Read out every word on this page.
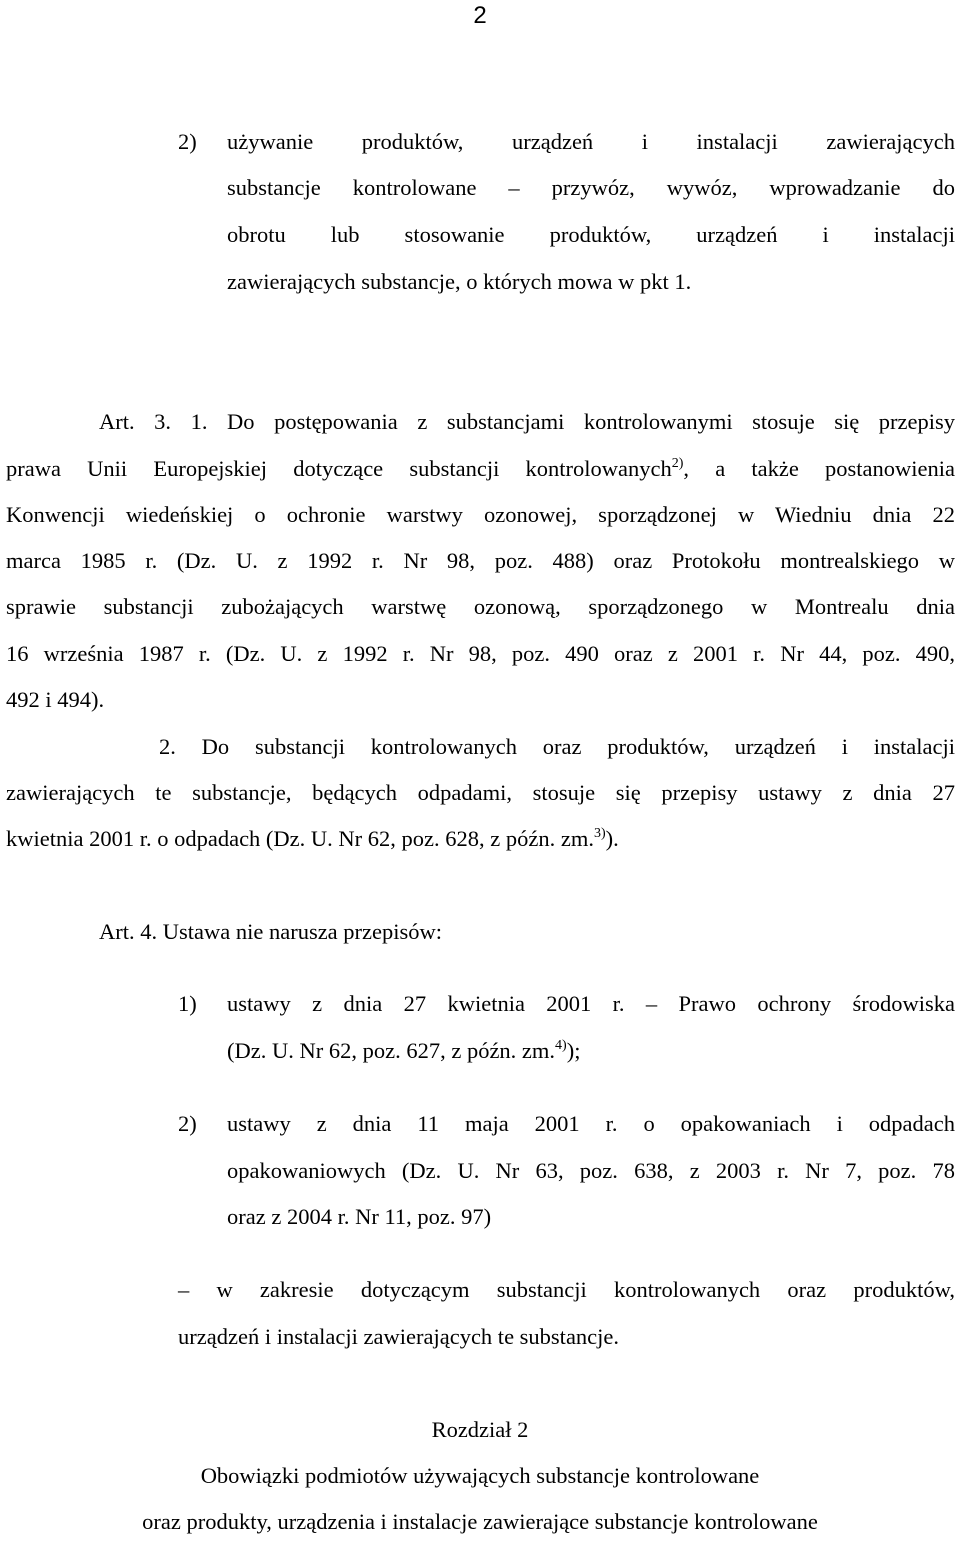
2
2) używanie produktów, urządzeń i instalacji zawierających
substancje kontrolowane – przywóz, wywóz, wprowadzanie do
obrotu lub stosowanie produktów, urządzeń i instalacji
zawierających substancje, o których mowa w pkt 1.
Art. 3. 1. Do postępowania z substancjami kontrolowanymi stosuje się przepisy
prawa Unii Europejskiej dotyczące substancji kontrolowanych$^{2)}$, a także postanowienia
Konwencji wiedeńskiej o ochronie warstwy ozonowej, sporządzonej w Wiedniu dnia 22
marca 1985 r. (Dz. U. z 1992 r. Nr 98, poz. 488) oraz Protokołu montrealskiego w
sprawie substancji zubożających warstwę ozonową, sporządzonego w Montrealu dnia
16 września 1987 r. (Dz. U. z 1992 r. Nr 98, poz. 490 oraz z 2001 r. Nr 44, poz. 490,
492 i 494).
2. Do substancji kontrolowanych oraz produktów, urządzeń i instalacji
zawierających te substancje, będących odpadami, stosuje się przepisy ustawy z dnia 27
kwietnia 2001 r. o odpadach (Dz. U. Nr 62, poz. 628, z późn. zm.$^{3)}$).
Art. 4. Ustawa nie narusza przepisów:
1) ustawy z dnia 27 kwietnia 2001 r. – Prawo ochrony środowiska
(Dz. U. Nr 62, poz. 627, z późn. zm.$^{4)}$);
2) ustawy z dnia 11 maja 2001 r. o opakowaniach i odpadach
opakowaniowych (Dz. U. Nr 63, poz. 638, z 2003 r. Nr 7, poz. 78
oraz z 2004 r. Nr 11, poz. 97)
– w zakresie dotyczącym substancji kontrolowanych oraz produktów,
urządzeń i instalacji zawierających te substancje.
Rozdział 2
Obowiązki podmiotów używających substancje kontrolowane
oraz produkty, urządzenia i instalacje zawierające substancje kontrolowane
